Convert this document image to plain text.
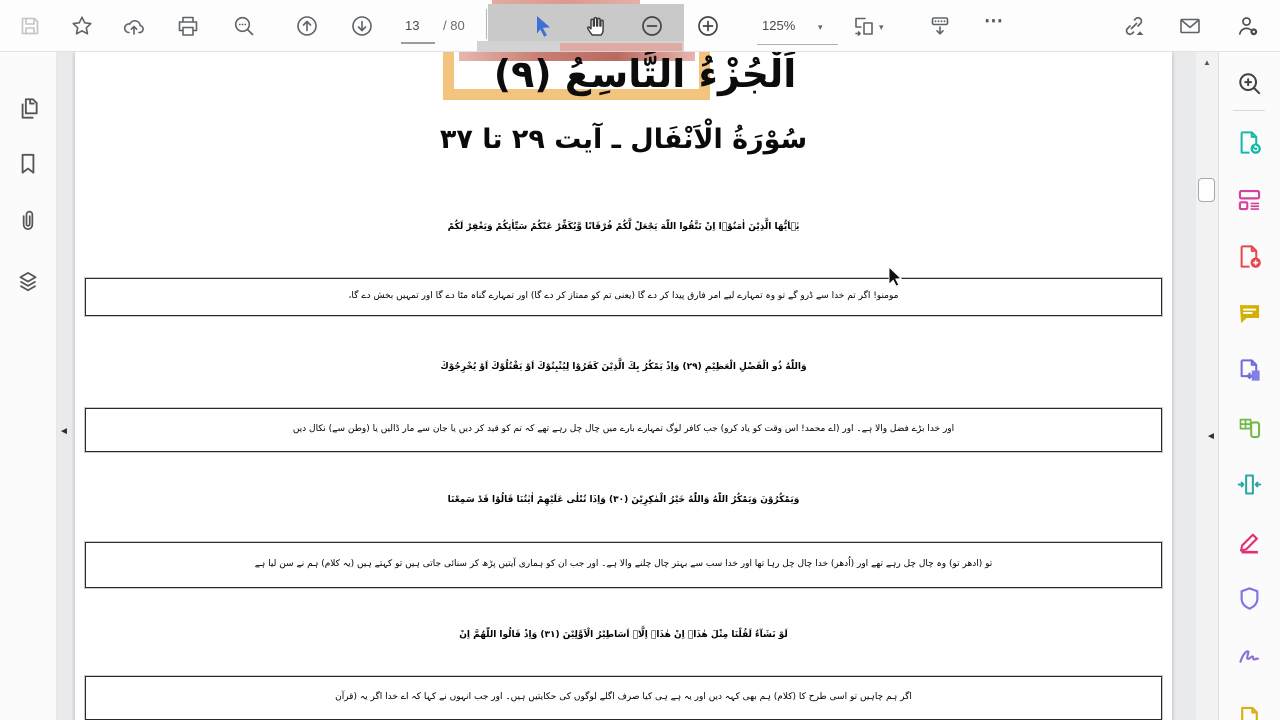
13 / 80	125%	▾	▾	⋯
اَلْجُزْءُ التَّاسِعُ (۹)
سُوْرَةُ الْاَنْفَال ـ آیت ۲۹ تا ۳۷
يٰۤاَيُّهَا الَّذِيْنَ اٰمَنُوْۤا اِنْ تَتَّقُوا اللّٰهَ يَجْعَلْ لَّكُمْ فُرْقَانًا وَّيُكَفِّرْ عَنْكُمْ سَيِّاٰتِكُمْ وَيَغْفِرْ لَكُمْ
مومنو! اگر تم خدا سے ڈرو گے تو وہ تمہارے لیے امر فارق پیدا کر دے گا (یعنی تم کو ممتاز کر دے گا) اور تمہارے گناہ مٹا دے گا اور تمہیں بخش دے گا،
وَاللّٰهُ ذُو الْفَضْلِ الْعَظِيْمِ (۲۹) وَاِذْ يَمْكُرُ بِكَ الَّذِيْنَ كَفَرُوْا لِيُثْبِتُوْكَ اَوْ يَقْتُلُوْكَ اَوْ يُخْرِجُوْكَ
اور خدا بڑے فضل والا ہے۔ اور (اے محمد! اس وقت کو یاد کرو) جب کافر لوگ تمہارے بارے میں چال چل رہے تھے کہ تم کو قید کر دیں یا جان سے مار ڈالیں یا (وطن سے) نکال دیں
وَيَمْكُرُوْنَ وَيَمْكُرُ اللّٰهُ وَاللّٰهُ خَيْرُ الْمٰكِرِيْنَ (۳۰) وَاِذَا تُتْلٰى عَلَيْهِمْ اٰيٰتُنَا قَالُوْا قَدْ سَمِعْنَا
تو (ادھر تو) وہ چال چل رہے تھے اور (اُدھر) خدا چال چل رہا تھا اور خدا سب سے بہتر چال چلنے والا ہے۔ اور جب ان کو ہماری آیتیں پڑھ کر سنائی جاتی ہیں تو کہتے ہیں (یہ کلام) ہم نے سن لیا ہے
لَوْ نَشَآءُ لَقُلْنَا مِثْلَ هٰذَاۤ اِنْ هٰذَاۤ اِلَّاۤ اَسَاطِيْرُ الْاَوَّلِيْنَ (۳۱) وَاِذْ قَالُوا اللّٰهُمَّ اِنْ
اگر ہم چاہیں تو اسی طرح کا (کلام) ہم بھی کہہ دیں اور یہ ہے ہی کیا صرف اگلے لوگوں کی حکایتیں ہیں۔ اور جب انہوں نے کہا کہ اے خدا اگر یہ (قرآن
▲
◄	◄
